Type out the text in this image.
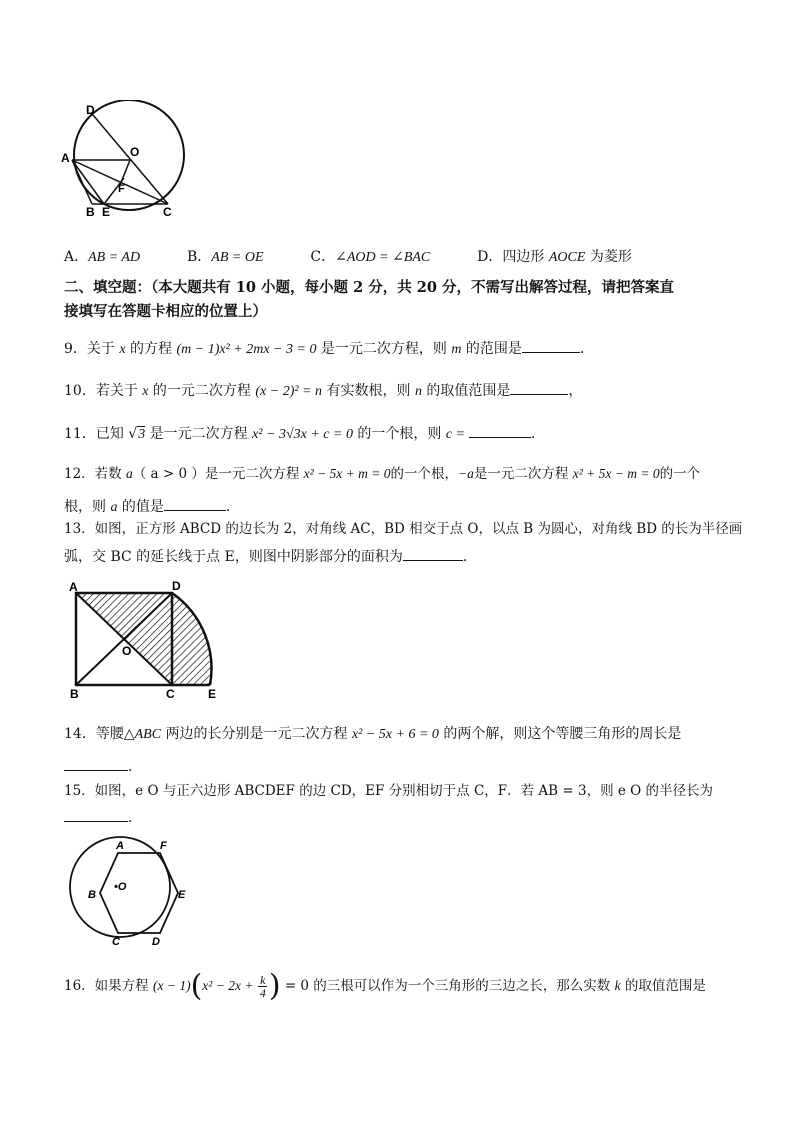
D
A	O
F
B E	C
A．AB = AD	B．AB = OE	C．∠AOD = ∠BAC	D．四边形 AOCE 为菱形
二、填空题：（本大题共有 10 小题，每小题 2 分，共 20 分，不需写出解答过程，请把答案直
接填写在答题卡相应的位置上）
9．关于 x 的方程 (m − 1)x² + 2mx − 3 = 0 是一元二次方程，则 m 的范围是	．
10．若关于 x 的一元二次方程 (x − 2)² = n 有实数根，则 n 的取值范围是	，
11．已知 √3 是一元二次方程 x² − 3√3x + c = 0 的一个根，则 c =	．
12．若数 a（ a > 0 ）是一元二次方程 x² − 5x + m = 0的一个根，−a是一元二次方程 x² + 5x − m = 0的一个
根，则 a 的值是	．
13．如图，正方形 ABCD 的边长为 2，对角线 AC，BD 相交于点 O，以点 B 为圆心，对角线 BD 的长为半径画
弧，交 BC 的延长线于点 E，则图中阴影部分的面积为	．
A	D
O
B	C	E
14．等腰△ABC 两边的长分别是一元二次方程 x² − 5x + 6 = 0 的两个解，则这个等腰三角形的周长是
．
15．如图，e O 与正六边形 ABCDEF 的边 CD，EF 分别相切于点 C，F．若 AB = 3，则 e O 的半径长为
．
A	F
B
•O
E
C	D
16．如果方程 $(x - 1)(x^2 - 2x + \frac{k}{4}$ ) = 0 的三根可以作为一个三角形的三边之长，那么实数 k 的取值范围是
